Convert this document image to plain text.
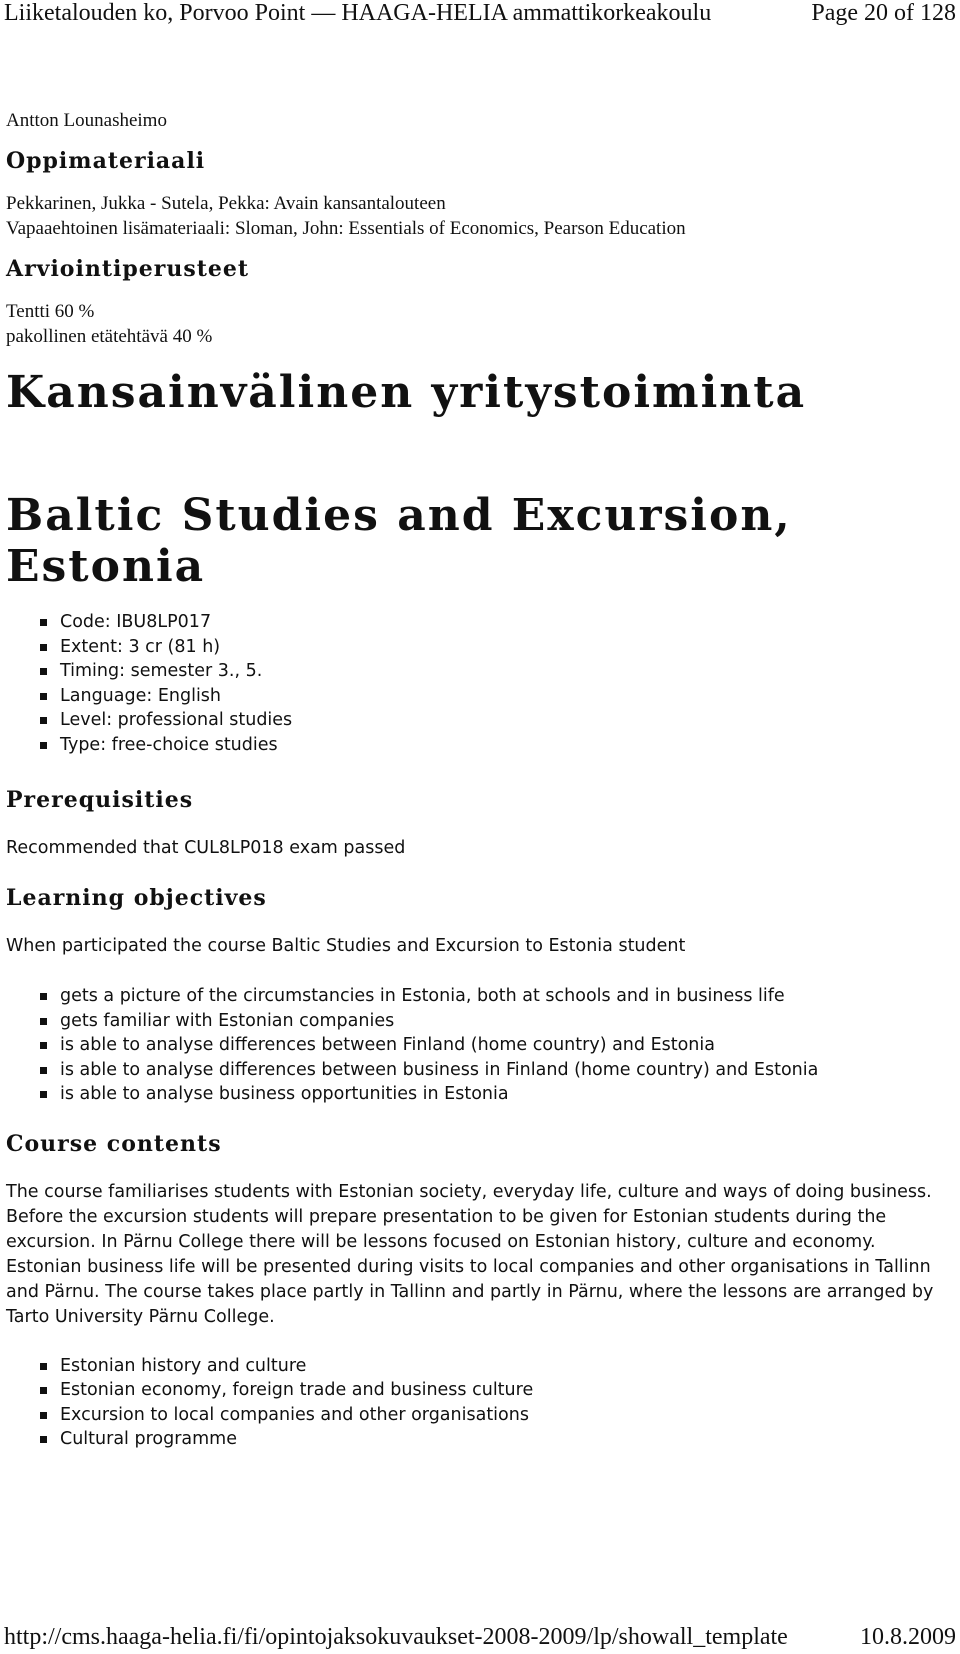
Liiketalouden ko, Porvoo Point — HAAGA-HELIA ammattikorkeakoulu	Page 20 of 128

Antton Lounasheimo

Oppimateriaali

Pekkarinen, Jukka - Sutela, Pekka: Avain kansantalouteen

Vapaaehtoinen lisämateriaali: Sloman, John: Essentials of Economics, Pearson Education

Arviointiperusteet

Tentti 60 %

pakollinen etätehtävä 40 %

Kansainvälinen yritystoiminta
Baltic Studies and Excursion, Estonia
Code: IBU8LP017
Extent: 3 cr (81 h)
Timing: semester 3., 5.
Language: English
Level: professional studies
Type: free-choice studies
Prerequisities

Recommended that CUL8LP018 exam passed

Learning objectives

When participated the course Baltic Studies and Excursion to Estonia student

gets a picture of the circumstancies in Estonia, both at schools and in business life
gets familiar with Estonian companies
is able to analyse differences between Finland (home country) and Estonia
is able to analyse differences between business in Finland (home country) and Estonia
is able to analyse business opportunities in Estonia
Course contents

The course familiarises students with Estonian society, everyday life, culture and ways of doing business. Before the excursion students will prepare presentation to be given for Estonian students during the excursion. In Pärnu College there will be lessons focused on Estonian history, culture and economy. Estonian business life will be presented during visits to local companies and other organisations in Tallinn and Pärnu. The course takes place partly in Tallinn and partly in Pärnu, where the lessons are arranged by Tarto University Pärnu College.

Estonian history and culture
Estonian economy, foreign trade and business culture
Excursion to local companies and other organisations
Cultural programme
http://cms.haaga-helia.fi/fi/opintojaksokuvaukset-2008-2009/lp/showall_template	10.8.2009
